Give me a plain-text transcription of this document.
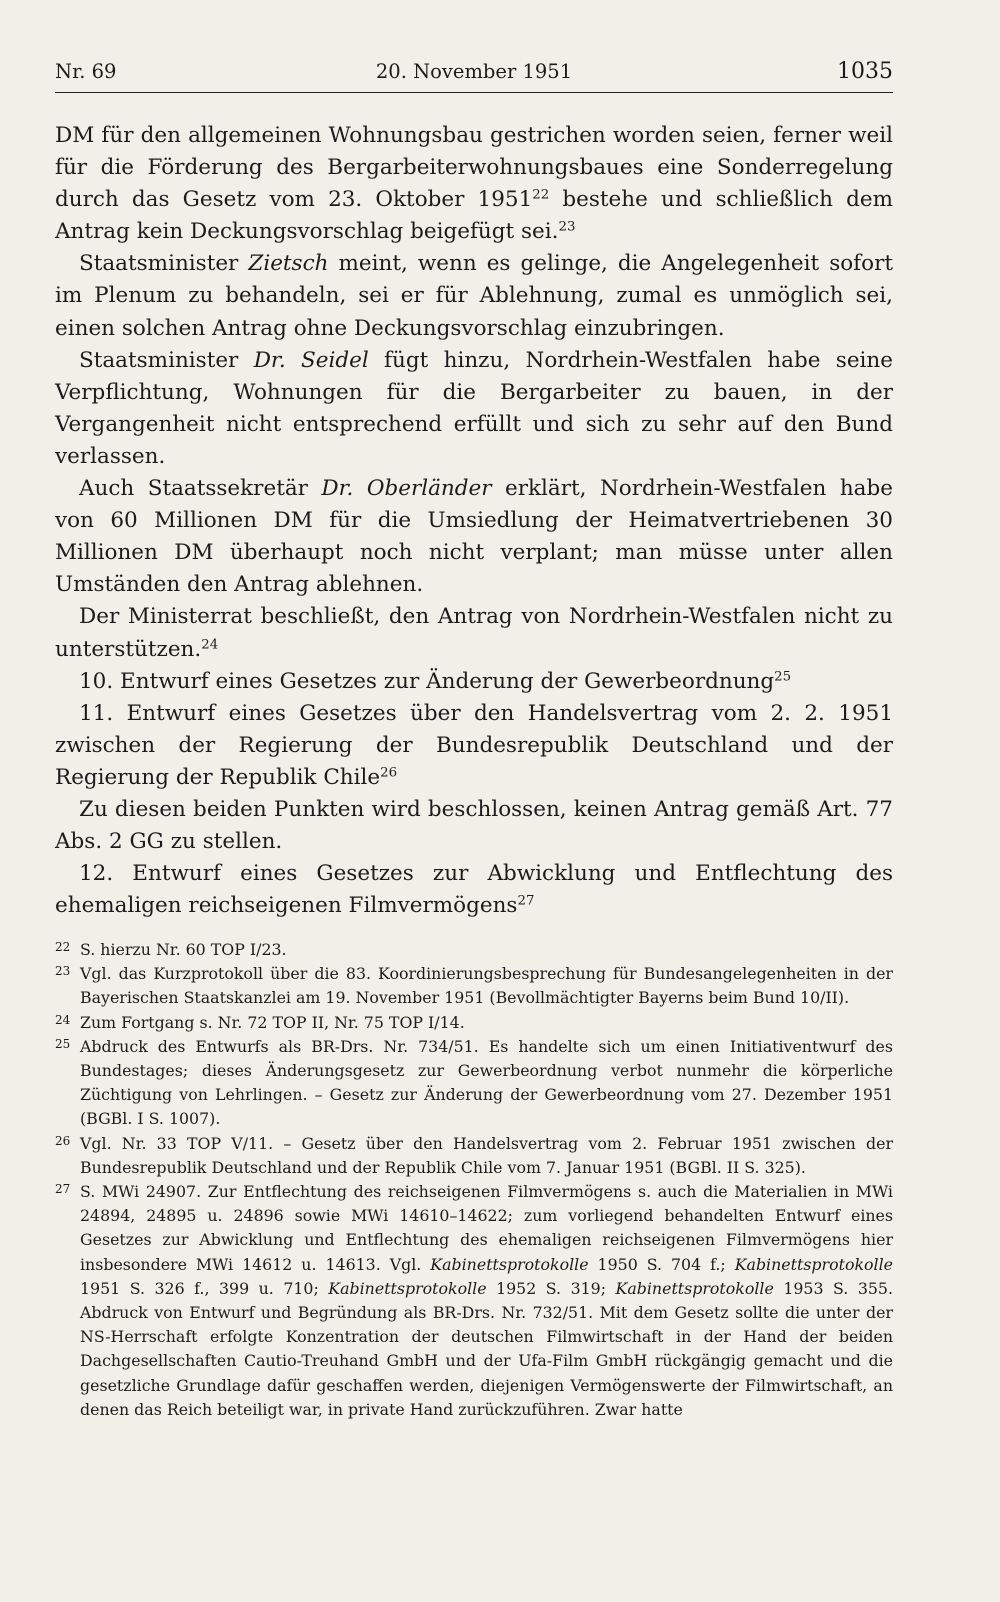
Nr. 69	20. November 1951	1035

DM für den allgemeinen Wohnungsbau gestrichen worden seien, ferner weil für die Förderung des Bergarbeiterwohnungsbaues eine Sonderregelung durch das Gesetz vom 23. Oktober 1951$^{22}$ bestehe und schließlich dem Antrag kein Deckungsvorschlag beigefügt sei.$^{23}$

Staatsminister Zietsch meint, wenn es gelinge, die Angelegenheit sofort im Plenum zu behandeln, sei er für Ablehnung, zumal es unmöglich sei, einen solchen Antrag ohne Deckungsvorschlag einzubringen.

Staatsminister Dr. Seidel fügt hinzu, Nordrhein-Westfalen habe seine Verpflichtung, Wohnungen für die Bergarbeiter zu bauen, in der Vergangenheit nicht entsprechend erfüllt und sich zu sehr auf den Bund verlassen.

Auch Staatssekretär Dr. Oberländer erklärt, Nordrhein-Westfalen habe von 60 Millionen DM für die Umsiedlung der Heimatvertriebenen 30 Millionen DM überhaupt noch nicht verplant; man müsse unter allen Umständen den Antrag ablehnen.

Der Ministerrat beschließt, den Antrag von Nordrhein-Westfalen nicht zu unterstützen.$^{24}$

10. Entwurf eines Gesetzes zur Änderung der Gewerbeordnung$^{25}$

11. Entwurf eines Gesetzes über den Handelsvertrag vom 2. 2. 1951 zwischen der Regierung der Bundesrepublik Deutschland und der Regierung der Republik Chile$^{26}$

Zu diesen beiden Punkten wird beschlossen, keinen Antrag gemäß Art. 77 Abs. 2 GG zu stellen.

12. Entwurf eines Gesetzes zur Abwicklung und Entflechtung des ehemaligen reichseigenen Filmvermögens$^{27}$

22 S. hierzu Nr. 60 TOP I/23.
23 Vgl. das Kurzprotokoll über die 83. Koordinierungsbesprechung für Bundesangelegenheiten in der Bayerischen Staatskanzlei am 19. November 1951 (Bevollmächtigter Bayerns beim Bund 10/II).
24 Zum Fortgang s. Nr. 72 TOP II, Nr. 75 TOP I/14.
25 Abdruck des Entwurfs als BR-Drs. Nr. 734/51. Es handelte sich um einen Initiativentwurf des Bundestages; dieses Änderungsgesetz zur Gewerbeordnung verbot nunmehr die körperliche Züchtigung von Lehrlingen. – Gesetz zur Änderung der Gewerbeordnung vom 27. Dezember 1951 (BGBl. I S. 1007).
26 Vgl. Nr. 33 TOP V/11. – Gesetz über den Handelsvertrag vom 2. Februar 1951 zwischen der Bundesrepublik Deutschland und der Republik Chile vom 7. Januar 1951 (BGBl. II S. 325).
27 S. MWi 24907. Zur Entflechtung des reichseigenen Filmvermögens s. auch die Materialien in MWi 24894, 24895 u. 24896 sowie MWi 14610–14622; zum vorliegend behandelten Entwurf eines Gesetzes zur Abwicklung und Entflechtung des ehemaligen reichseigenen Filmvermögens hier insbesondere MWi 14612 u. 14613. Vgl. Kabinettsprotokolle 1950 S. 704 f.; Kabinettsprotokolle 1951 S. 326 f., 399 u. 710; Kabinettsprotokolle 1952 S. 319; Kabinettsprotokolle 1953 S. 355. Abdruck von Entwurf und Begründung als BR-Drs. Nr. 732/51. Mit dem Gesetz sollte die unter der NS-Herrschaft erfolgte Konzentration der deutschen Filmwirtschaft in der Hand der beiden Dachgesellschaften Cautio-Treuhand GmbH und der Ufa-Film GmbH rückgängig gemacht und die gesetzliche Grundlage dafür geschaffen werden, diejenigen Vermögenswerte der Filmwirtschaft, an denen das Reich beteiligt war, in private Hand zurückzuführen. Zwar hatte
